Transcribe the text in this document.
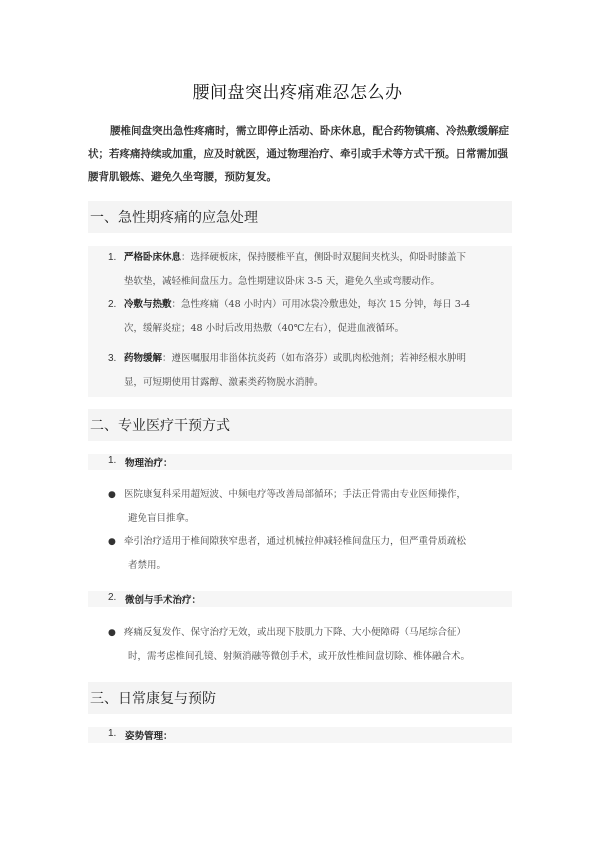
腰间盘突出疼痛难忍怎么办

腰椎间盘突出急性疼痛时，需立即停止活动、卧床休息，配合药物镇痛、冷热敷缓解症状；若疼痛持续或加重，应及时就医，通过物理治疗、牵引或手术等方式干预。日常需加强腰背肌锻炼、避免久坐弯腰，预防复发。

一、急性期疼痛的应急处理
1. 严格卧床休息：选择硬板床，保持腰椎平直，侧卧时双腿间夹枕头，仰卧时膝盖下
垫软垫，减轻椎间盘压力。急性期建议卧床 3-5 天，避免久坐或弯腰动作。
2. 冷敷与热敷：急性疼痛（48 小时内）可用冰袋冷敷患处，每次 15 分钟，每日 3-4
次，缓解炎症；48 小时后改用热敷（40℃左右），促进血液循环。
3. 药物缓解：遵医嘱服用非甾体抗炎药（如布洛芬）或肌肉松弛剂；若神经根水肿明
显，可短期使用甘露醇、激素类药物脱水消肿。
二、专业医疗干预方式
1. 物理治疗：
● 医院康复科采用超短波、中频电疗等改善局部循环；手法正骨需由专业医师操作，
避免盲目推拿。
● 牵引治疗适用于椎间隙狭窄患者，通过机械拉伸减轻椎间盘压力，但严重骨质疏松
者禁用。
2. 微创与手术治疗：
● 疼痛反复发作、保守治疗无效，或出现下肢肌力下降、大小便障碍（马尾综合征）
时，需考虑椎间孔镜、射频消融等微创手术，或开放性椎间盘切除、椎体融合术。
三、日常康复与预防
1. 姿势管理：
